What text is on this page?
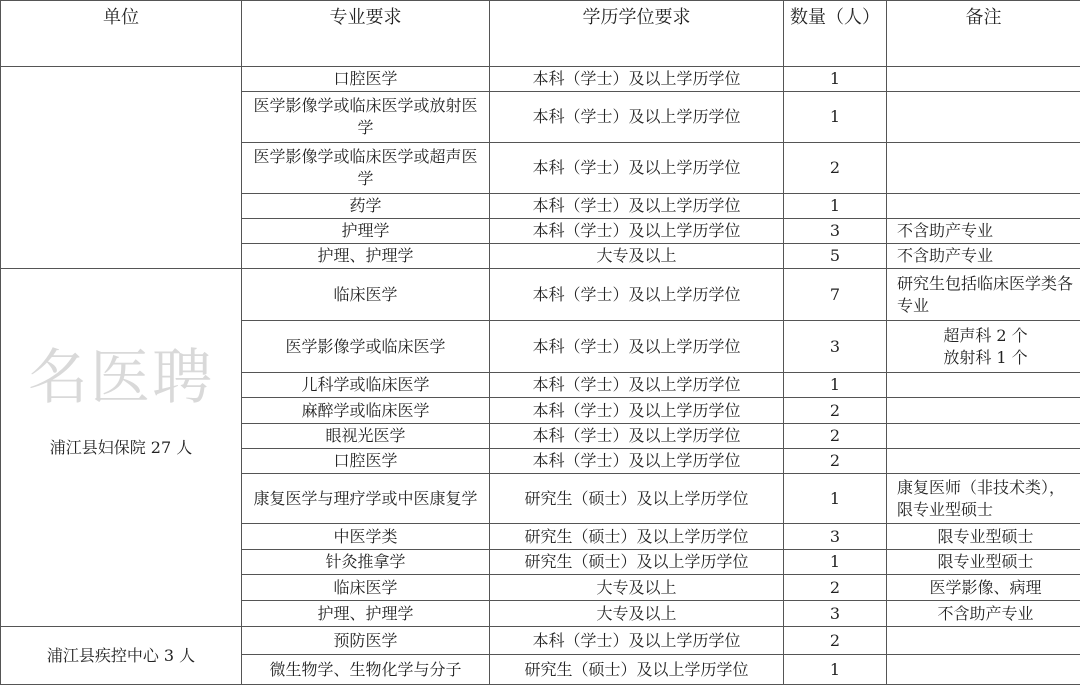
单位	专业要求	学历学位要求	数量（人）	备注
	口腔医学	本科（学士）及以上学历学位	1	
	医学影像学或临床医学或放射医学	本科（学士）及以上学历学位	1	
	医学影像学或临床医学或超声医学	本科（学士）及以上学历学位	2	
	药学	本科（学士）及以上学历学位	1	
	护理学	本科（学士）及以上学历学位	3	不含助产专业
	护理、护理学	大专及以上	5	不含助产专业
浦江县妇保院 27 人	临床医学	本科（学士）及以上学历学位	7	研究生包括临床医学类各专业
	医学影像学或临床医学	本科（学士）及以上学历学位	3	超声科 2 个
放射科 1 个
	儿科学或临床医学	本科（学士）及以上学历学位	1	
	麻醉学或临床医学	本科（学士）及以上学历学位	2	
	眼视光医学	本科（学士）及以上学历学位	2	
	口腔医学	本科（学士）及以上学历学位	2	
	康复医学与理疗学或中医康复学	研究生（硕士）及以上学历学位	1	康复医师（非技术类），限专业型硕士
	中医学类	研究生（硕士）及以上学历学位	3	限专业型硕士
	针灸推拿学	研究生（硕士）及以上学历学位	1	限专业型硕士
	临床医学	大专及以上	2	医学影像、病理
	护理、护理学	大专及以上	3	不含助产专业
浦江县疾控中心 3 人	预防医学	本科（学士）及以上学历学位	2	
	微生物学、生物化学与分子	研究生（硕士）及以上学历学位	1	
名医聘
